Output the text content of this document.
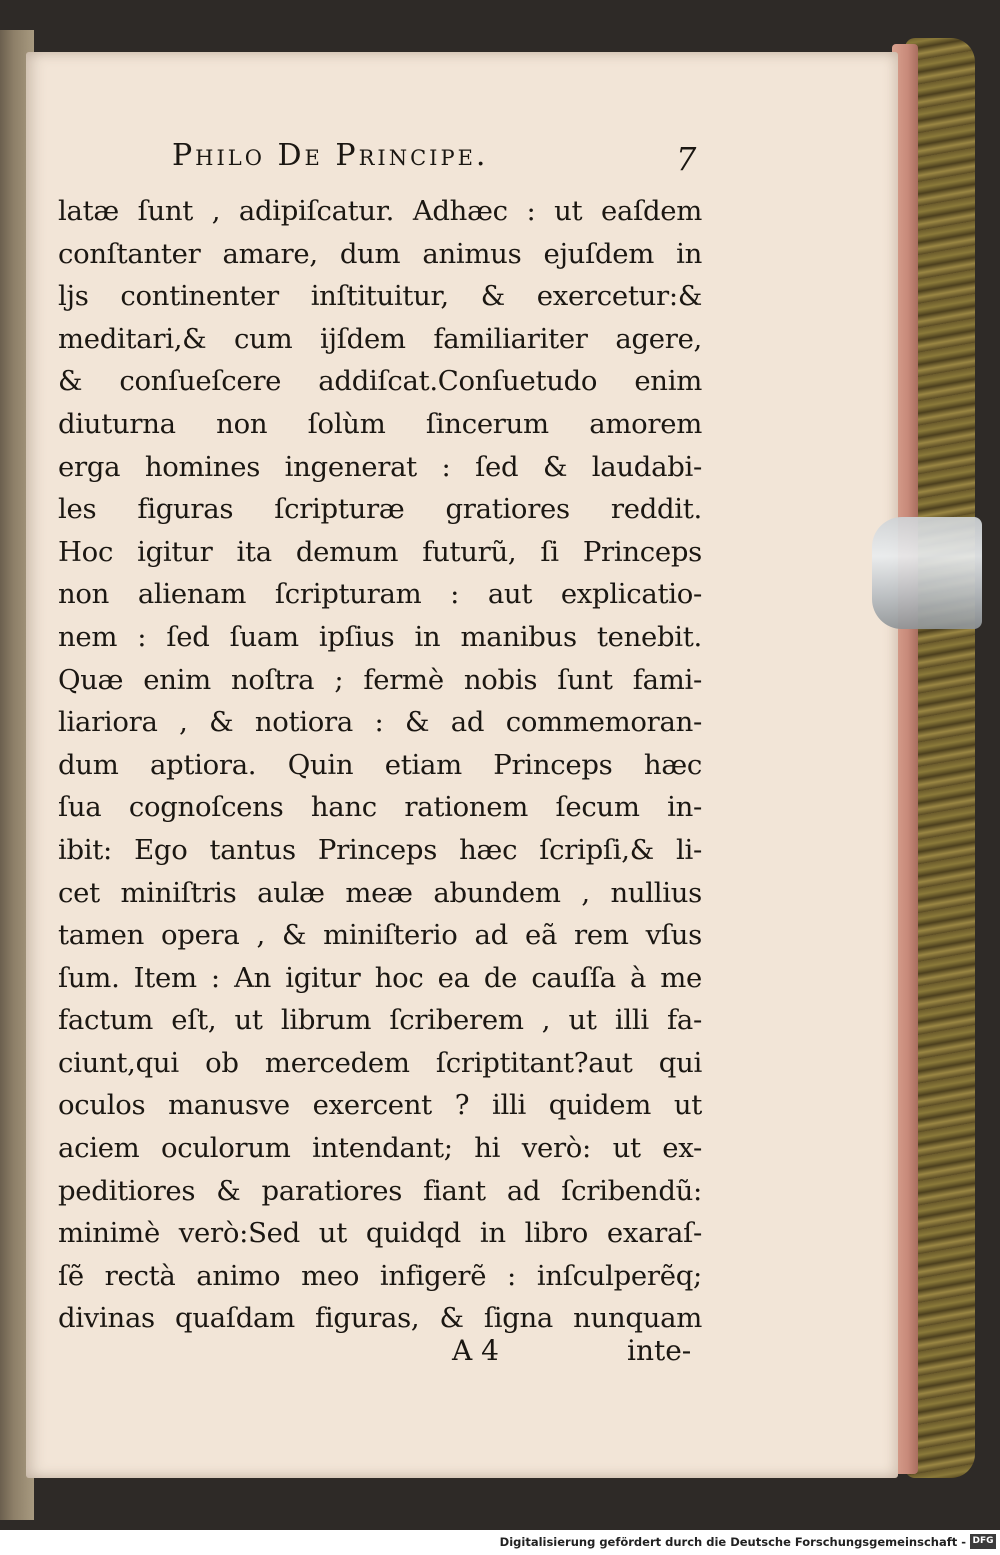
Philo De Principe.	7
latæ ſunt , adipiſcatur. Adhæc : ut eaſdem
conſtanter amare, dum animus ejuſdem in
ljs continenter inſtituitur, & exercetur:&
meditari,& cum ijſdem familiariter agere,
& conſueſcere addiſcat.Conſuetudo enim
diuturna non ſolùm ſincerum amorem
erga homines ingenerat : ſed & laudabi-
les figuras ſcripturæ gratiores reddit.
Hoc igitur ita demum futurũ, ſi Princeps
non alienam ſcripturam : aut explicatio-
nem : ſed ſuam ipſius in manibus tenebit.
Quæ enim noſtra ; fermè nobis ſunt fami-
liariora , & notiora : & ad commemoran-
dum aptiora. Quin etiam Princeps hæc
ſua cognoſcens hanc rationem ſecum in-
ibit: Ego tantus Princeps hæc ſcripſi,& li-
cet miniſtris aulæ meæ abundem , nullius
tamen opera , & miniſterio ad eã rem vſus
ſum. Item : An igitur hoc ea de cauſſa à me
factum eſt, ut librum ſcriberem , ut illi fa-
ciunt,qui ob mercedem ſcriptitant?aut qui
oculos manusve exercent ? illi quidem ut
aciem oculorum intendant; hi verò: ut ex-
peditiores & paratiores fiant ad ſcribendũ:
minimè verò:Sed ut quidqd in libro exaraſ-
ſẽ rectà animo meo infigerẽ : inſculperẽq;
divinas quaſdam figuras, & ſigna nunquam
A 4	inte-
Digitalisierung gefördert durch die Deutsche Forschungsgemeinschaft - DFG
